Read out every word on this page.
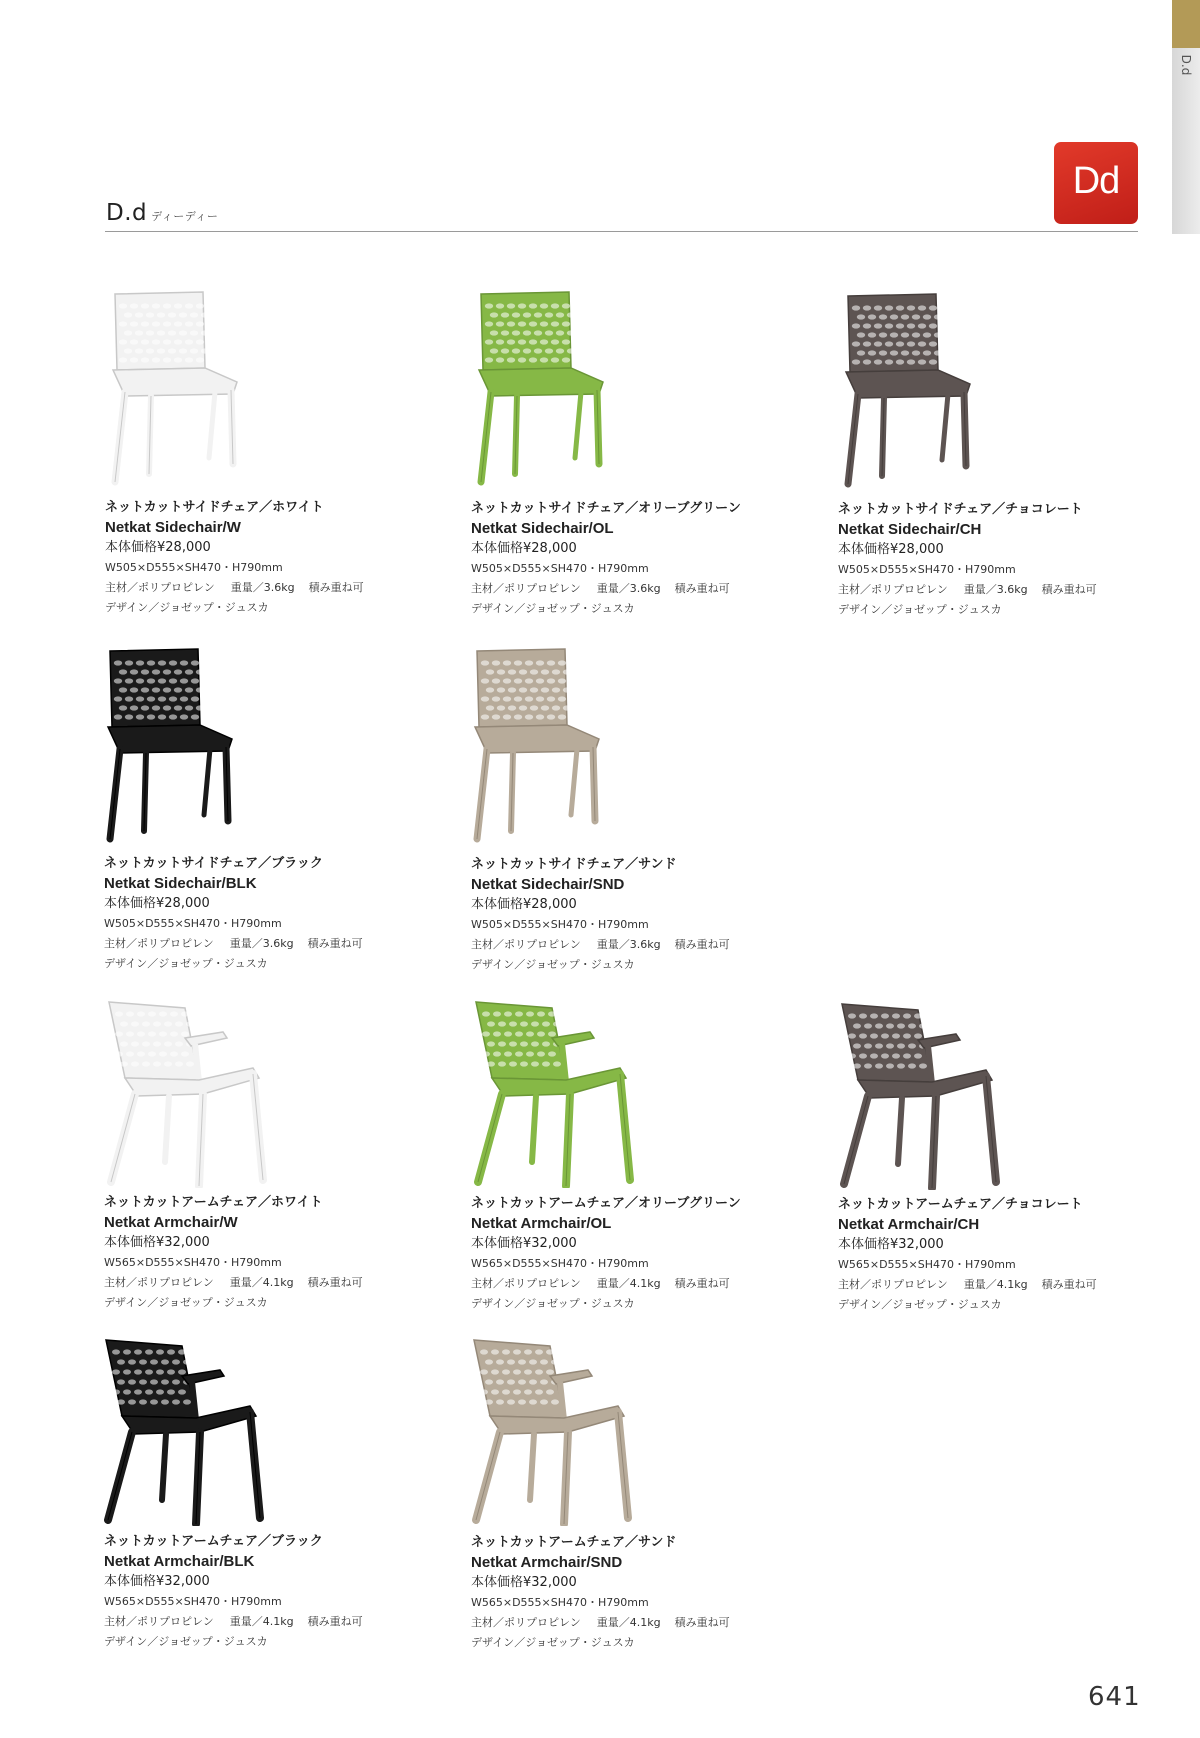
D.d
D.d ディーディー
Dd
ネットカットサイドチェア／ホワイト
Netkat Sidechair/W
本体価格¥28,000
W505×D555×SH470・H790mm
主材／ポリプロピレン 重量／3.6kg 積み重ね可
デザイン／ジョゼップ・ジュスカ
ネットカットサイドチェア／オリーブグリーン
Netkat Sidechair/OL
本体価格¥28,000
W505×D555×SH470・H790mm
主材／ポリプロピレン 重量／3.6kg 積み重ね可
デザイン／ジョゼップ・ジュスカ
ネットカットサイドチェア／チョコレート
Netkat Sidechair/CH
本体価格¥28,000
W505×D555×SH470・H790mm
主材／ポリプロピレン 重量／3.6kg 積み重ね可
デザイン／ジョゼップ・ジュスカ
ネットカットサイドチェア／ブラック
Netkat Sidechair/BLK
本体価格¥28,000
W505×D555×SH470・H790mm
主材／ポリプロピレン 重量／3.6kg 積み重ね可
デザイン／ジョゼップ・ジュスカ
ネットカットサイドチェア／サンド
Netkat Sidechair/SND
本体価格¥28,000
W505×D555×SH470・H790mm
主材／ポリプロピレン 重量／3.6kg 積み重ね可
デザイン／ジョゼップ・ジュスカ
ネットカットアームチェア／ホワイト
Netkat Armchair/W
本体価格¥32,000
W565×D555×SH470・H790mm
主材／ポリプロピレン 重量／4.1kg 積み重ね可
デザイン／ジョゼップ・ジュスカ
ネットカットアームチェア／オリーブグリーン
Netkat Armchair/OL
本体価格¥32,000
W565×D555×SH470・H790mm
主材／ポリプロピレン 重量／4.1kg 積み重ね可
デザイン／ジョゼップ・ジュスカ
ネットカットアームチェア／チョコレート
Netkat Armchair/CH
本体価格¥32,000
W565×D555×SH470・H790mm
主材／ポリプロピレン 重量／4.1kg 積み重ね可
デザイン／ジョゼップ・ジュスカ
ネットカットアームチェア／ブラック
Netkat Armchair/BLK
本体価格¥32,000
W565×D555×SH470・H790mm
主材／ポリプロピレン 重量／4.1kg 積み重ね可
デザイン／ジョゼップ・ジュスカ
ネットカットアームチェア／サンド
Netkat Armchair/SND
本体価格¥32,000
W565×D555×SH470・H790mm
主材／ポリプロピレン 重量／4.1kg 積み重ね可
デザイン／ジョゼップ・ジュスカ
641
